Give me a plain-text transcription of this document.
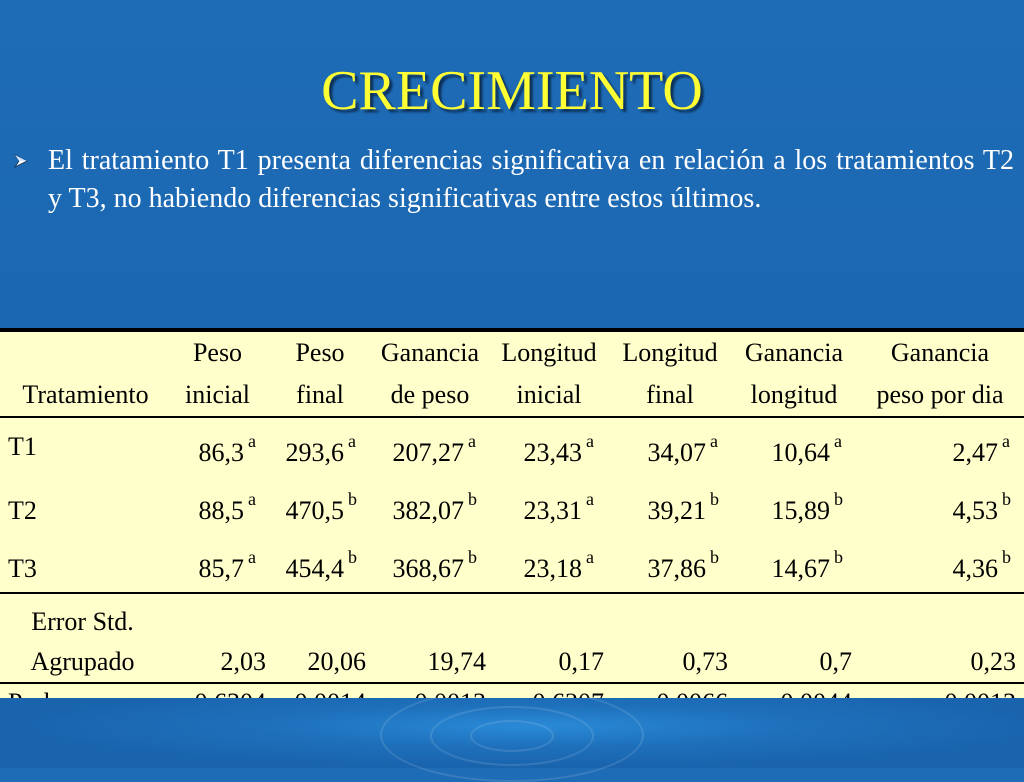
CRECIMIENTO

El tratamiento T1 presenta diferencias significativa en relación a los tratamientos T2 y T3, no habiendo diferencias significativas entre estos últimos.

	Peso	Peso	Ganancia	Longitud	Longitud	Ganancia	Ganancia
Tratamiento	inicial	final	de peso	inicial	final	longitud	peso por dia
T1	86,3 a	293,6 a	207,27 a	23,43 a	34,07 a	10,64 a	2,47 a
T2	88,5 a	470,5 b	382,07 b	23,31 a	39,21 b	15,89 b	4,53 b
T3	85,7 a	454,4 b	368,67 b	23,18 a	37,86 b	14,67 b	4,36 b
Error Std.							
Agrupado	2,03	20,06	19,74	0,17	0,73	0,7	0,23
